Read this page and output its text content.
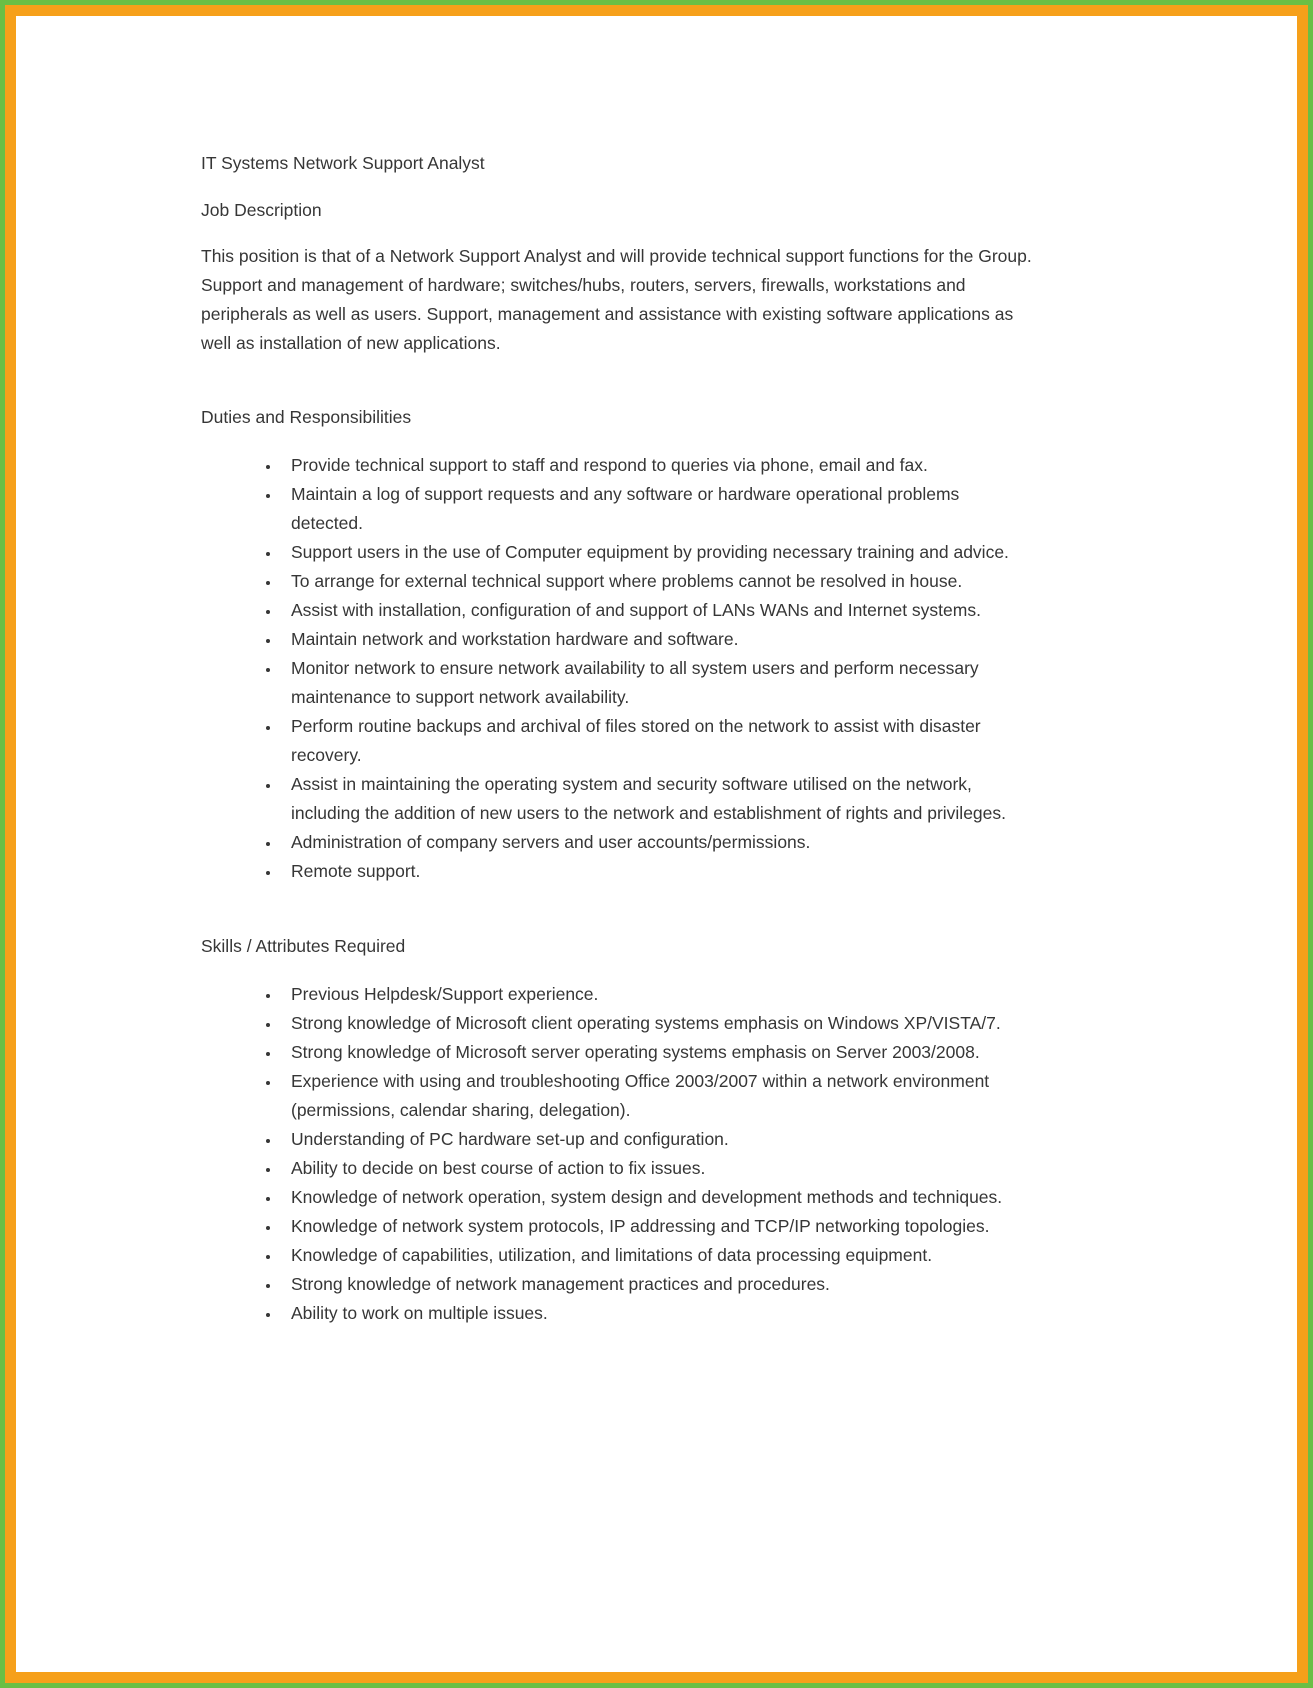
IT Systems Network Support Analyst

Job Description

This position is that of a Network Support Analyst and will provide technical support functions for the Group. Support and management of hardware; switches/hubs, routers, servers, firewalls, workstations and peripherals as well as users. Support, management and assistance with existing software applications as well as installation of new applications.

Duties and Responsibilities

• Provide technical support to staff and respond to queries via phone, email and fax.
• Maintain a log of support requests and any software or hardware operational problems detected.
• Support users in the use of Computer equipment by providing necessary training and advice.
• To arrange for external technical support where problems cannot be resolved in house.
• Assist with installation, configuration of and support of LANs WANs and Internet systems.
• Maintain network and workstation hardware and software.
• Monitor network to ensure network availability to all system users and perform necessary maintenance to support network availability.
• Perform routine backups and archival of files stored on the network to assist with disaster recovery.
• Assist in maintaining the operating system and security software utilised on the network, including the addition of new users to the network and establishment of rights and privileges.
• Administration of company servers and user accounts/permissions.
• Remote support.

Skills / Attributes Required

• Previous Helpdesk/Support experience.
• Strong knowledge of Microsoft client operating systems emphasis on Windows XP/VISTA/7.
• Strong knowledge of Microsoft server operating systems emphasis on Server 2003/2008.
• Experience with using and troubleshooting Office 2003/2007 within a network environment (permissions, calendar sharing, delegation).
• Understanding of PC hardware set-up and configuration.
• Ability to decide on best course of action to fix issues.
• Knowledge of network operation, system design and development methods and techniques.
• Knowledge of network system protocols, IP addressing and TCP/IP networking topologies.
• Knowledge of capabilities, utilization, and limitations of data processing equipment.
• Strong knowledge of network management practices and procedures.
• Ability to work on multiple issues.
